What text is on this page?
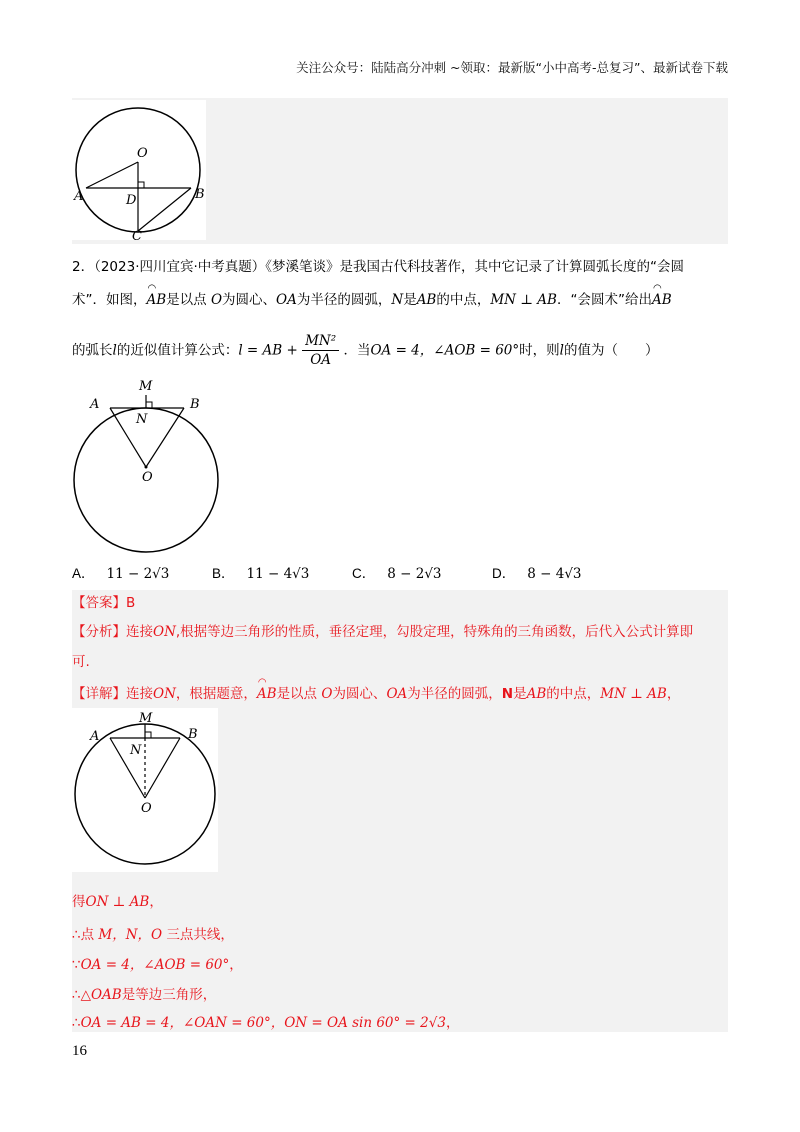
关注公众号：陆陆高分冲刺 ~领取：最新版“小中高考-总复习”、最新试卷下载
O
A	B
C
D
2．（2023·四川宜宾·中考真题）《梦溪笔谈》是我国古代科技著作，其中它记录了计算圆弧长度的“会圆
术”．如图，◠ AB是以点 O为圆心、OA为半径的圆弧，N是AB的中点，MN ⊥ AB．“会圆术”给出◠ AB
的弧长l的近似值计算公式：l = AB + $\frac{\text{MN²}}{OA}$ ．当OA = 4，∠AOB = 60°时，则l的值为（　　）
M
A	B
N
O
A． 11 − 2√3	B． 11 − 4√3	C． 8 − 2√3	D． 8 − 4√3
【答案】B
【分析】连接ON,根据等边三角形的性质，垂径定理，勾股定理，特殊角的三角函数，后代入公式计算即
可.
【详解】连接ON，根据题意，◠ AB是以点 O为圆心、OA为半径的圆弧，N是AB的中点，MN ⊥ AB，
M
A	B
N
O
得ON ⊥ AB，
∴点 M，N，O 三点共线，
∵OA = 4，∠AOB = 60°，
∴△OAB是等边三角形，
∴OA = AB = 4，∠OAN = 60°，ON = OA sin 60° = 2√3，
16
